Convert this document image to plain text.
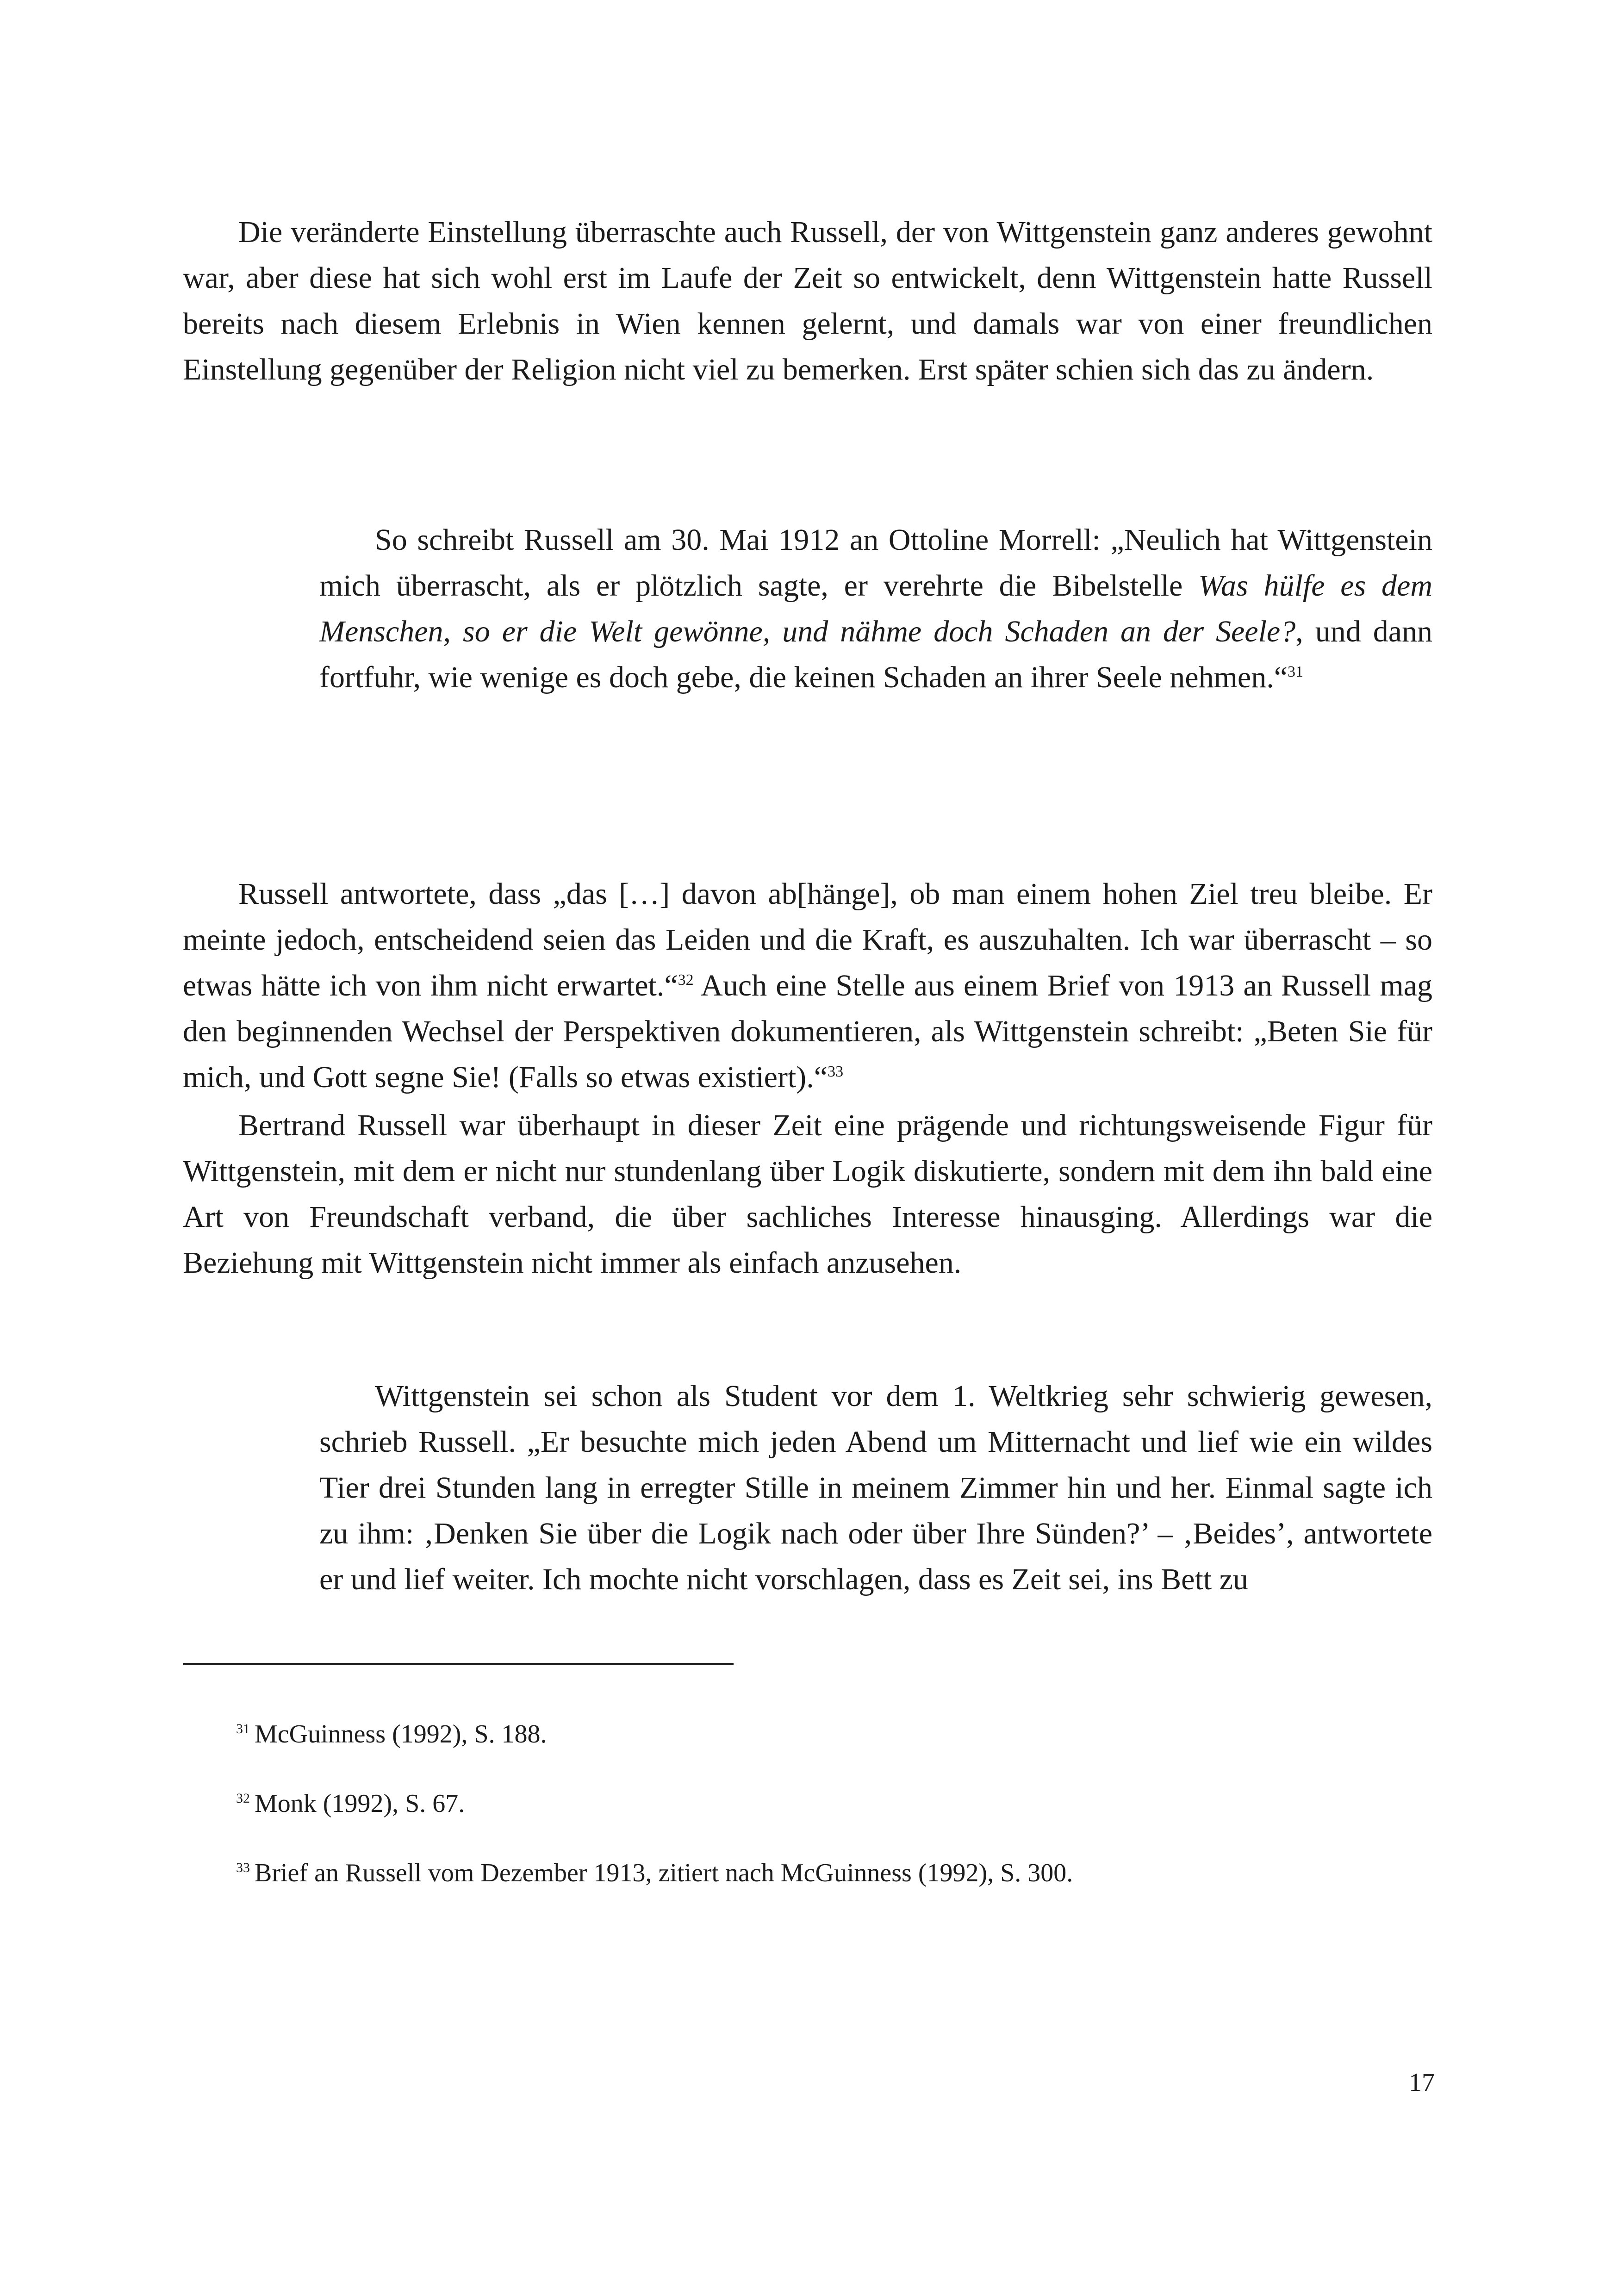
Die veränderte Einstellung überraschte auch Russell, der von Wittgenstein ganz anderes gewohnt war, aber diese hat sich wohl erst im Laufe der Zeit so entwickelt, denn Wittgenstein hatte Russell bereits nach diesem Erlebnis in Wien kennen gelernt, und damals war von einer freundlichen Einstellung gegenüber der Religion nicht viel zu bemerken. Erst später schien sich das zu ändern.

So schreibt Russell am 30. Mai 1912 an Ottoline Morrell: „Neulich hat Wittgenstein mich überrascht, als er plötzlich sagte, er verehrte die Bibelstelle Was hülfe es dem Menschen, so er die Welt gewönne, und nähme doch Schaden an der Seele?, und dann fortfuhr, wie wenige es doch gebe, die keinen Schaden an ihrer Seele nehmen.“$^{31}$

Russell antwortete, dass „das […] davon ab[hänge], ob man einem hohen Ziel treu bleibe. Er meinte jedoch, entscheidend seien das Leiden und die Kraft, es auszuhalten. Ich war überrascht – so etwas hätte ich von ihm nicht erwartet.“$^{32}$ Auch eine Stelle aus einem Brief von 1913 an Russell mag den beginnenden Wechsel der Perspektiven dokumentieren, als Wittgenstein schreibt: „Beten Sie für mich, und Gott segne Sie! (Falls so etwas existiert).“$^{33}$

Bertrand Russell war überhaupt in dieser Zeit eine prägende und richtungsweisende Figur für Wittgenstein, mit dem er nicht nur stundenlang über Logik diskutierte, sondern mit dem ihn bald eine Art von Freundschaft verband, die über sachliches Interesse hinausging. Allerdings war die Beziehung mit Wittgenstein nicht immer als einfach anzusehen.

Wittgenstein sei schon als Student vor dem 1. Weltkrieg sehr schwierig gewesen, schrieb Russell. „Er besuchte mich jeden Abend um Mitternacht und lief wie ein wildes Tier drei Stunden lang in erregter Stille in meinem Zimmer hin und her. Einmal sagte ich zu ihm: ‚Denken Sie über die Logik nach oder über Ihre Sünden?’ – ‚Beides’, antwortete er und lief weiter. Ich mochte nicht vorschlagen, dass es Zeit sei, ins Bett zu

$^{31}$ McGuinness (1992), S. 188.

$^{32}$ Monk (1992), S. 67.

$^{33}$ Brief an Russell vom Dezember 1913, zitiert nach McGuinness (1992), S. 300.

17
